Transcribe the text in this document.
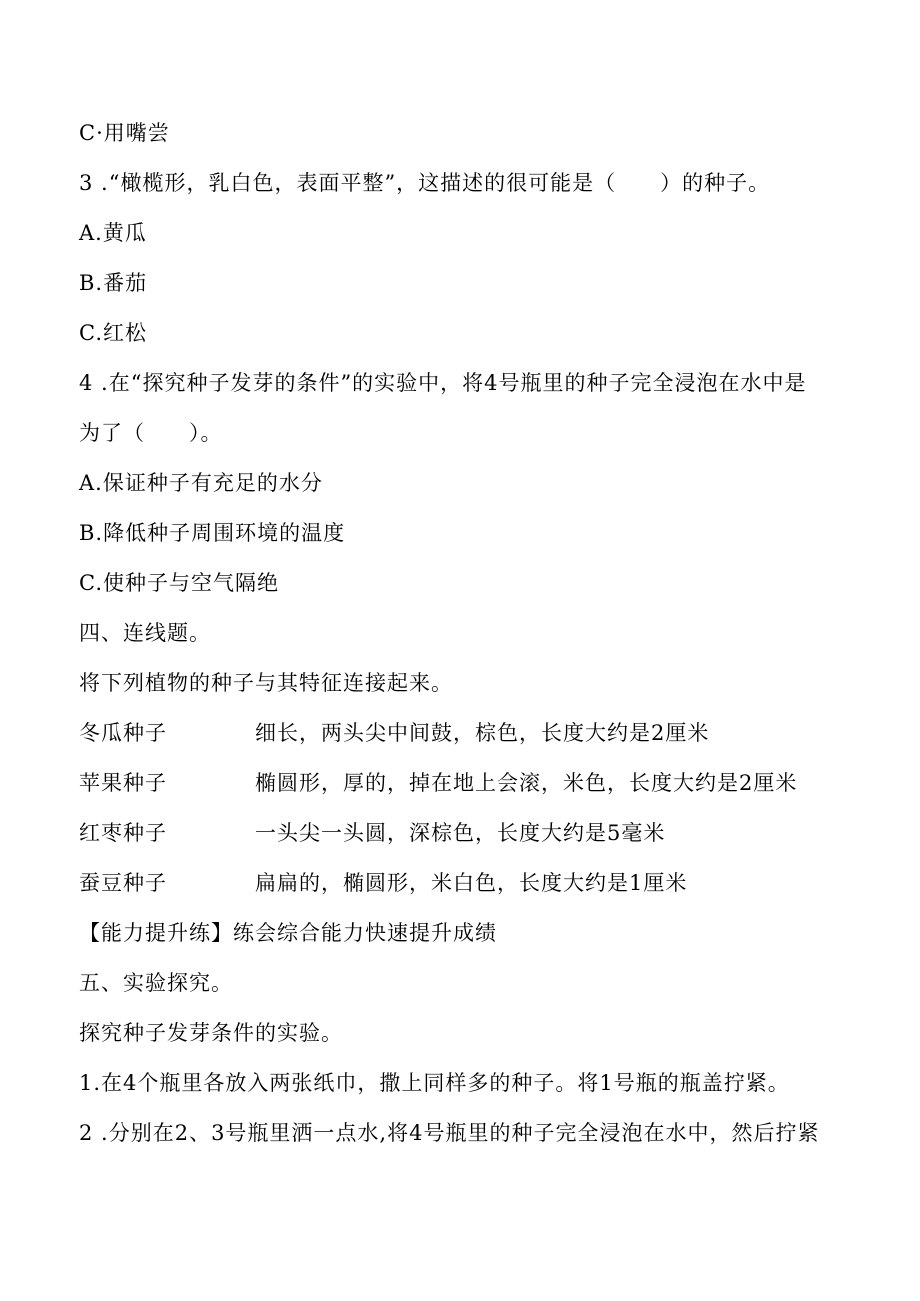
C·用嘴尝
3 .“橄榄形，乳白色，表面平整”，这描述的很可能是（　　）的种子。
A.黄瓜
B.番茄
C.红松
4 .在“探究种子发芽的条件”的实验中，将4号瓶里的种子完全浸泡在水中是
为了（　　）。
A.保证种子有充足的水分
B.降低种子周围环境的温度
C.使种子与空气隔绝
四、连线题。
将下列植物的种子与其特征连接起来。
冬瓜种子	细长，两头尖中间鼓，棕色，长度大约是2厘米
苹果种子	椭圆形，厚的，掉在地上会滚，米色，长度大约是2厘米
红枣种子	一头尖一头圆，深棕色，长度大约是5毫米
蚕豆种子	扁扁的，椭圆形，米白色，长度大约是1厘米
【能力提升练】练会综合能力快速提升成绩
五、实验探究。
探究种子发芽条件的实验。
1.在4个瓶里各放入两张纸巾，撒上同样多的种子。将1号瓶的瓶盖拧紧。
2 .分别在2、3号瓶里洒一点水,将4号瓶里的种子完全浸泡在水中，然后拧紧
